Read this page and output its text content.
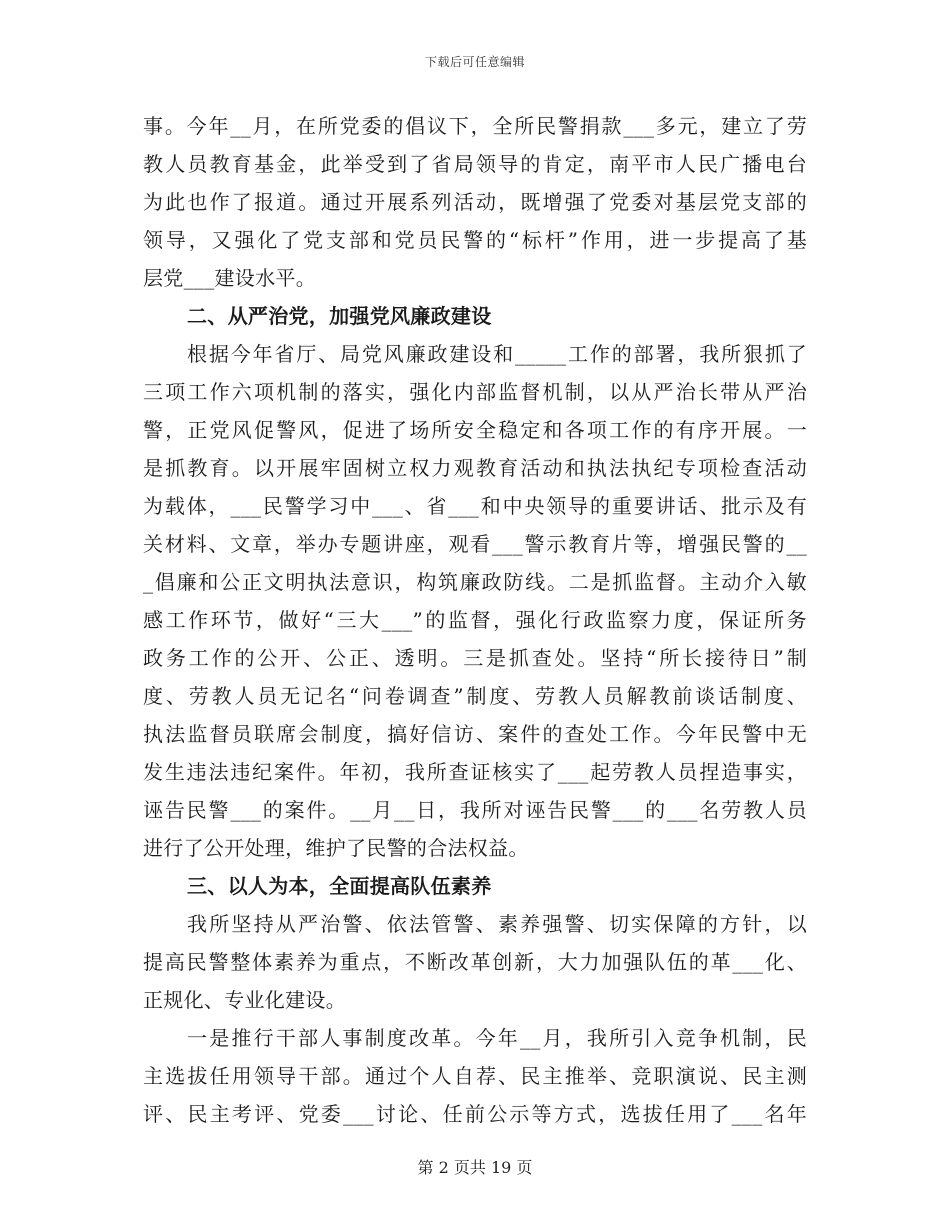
下载后可任意编辑
事。今年__月，在所党委的倡议下，全所民警捐款___多元，建立了劳
教人员教育基金，此举受到了省局领导的肯定，南平市人民广播电台
为此也作了报道。通过开展系列活动，既增强了党委对基层党支部的
领导，又强化了党支部和党员民警的“标杆”作用，进一步提高了基
层党___建设水平。
二、从严治党，加强党风廉政建设
根据今年省厅、局党风廉政建设和_____工作的部署，我所狠抓了
三项工作六项机制的落实，强化内部监督机制，以从严治长带从严治
警，正党风促警风，促进了场所安全稳定和各项工作的有序开展。一
是抓教育。以开展牢固树立权力观教育活动和执法执纪专项检查活动
为载体，___民警学习中___、省___和中央领导的重要讲话、批示及有
关材料、文章，举办专题讲座，观看___警示教育片等，增强民警的__
_倡廉和公正文明执法意识，构筑廉政防线。二是抓监督。主动介入敏
感工作环节，做好“三大___”的监督，强化行政监察力度，保证所务
政务工作的公开、公正、透明。三是抓查处。坚持“所长接待日”制
度、劳教人员无记名“问卷调查”制度、劳教人员解教前谈话制度、
执法监督员联席会制度，搞好信访、案件的查处工作。今年民警中无
发生违法违纪案件。年初，我所查证核实了___起劳教人员捏造事实，
诬告民警___的案件。__月__日，我所对诬告民警___的___名劳教人员
进行了公开处理，维护了民警的合法权益。
三、以人为本，全面提高队伍素养
我所坚持从严治警、依法管警、素养强警、切实保障的方针，以
提高民警整体素养为重点，不断改革创新，大力加强队伍的革___化、
正规化、专业化建设。
一是推行干部人事制度改革。今年__月，我所引入竞争机制，民
主选拔任用领导干部。通过个人自荐、民主推举、竞职演说、民主测
评、民主考评、党委___讨论、任前公示等方式，选拔任用了___名年
第 2 页共 19 页
